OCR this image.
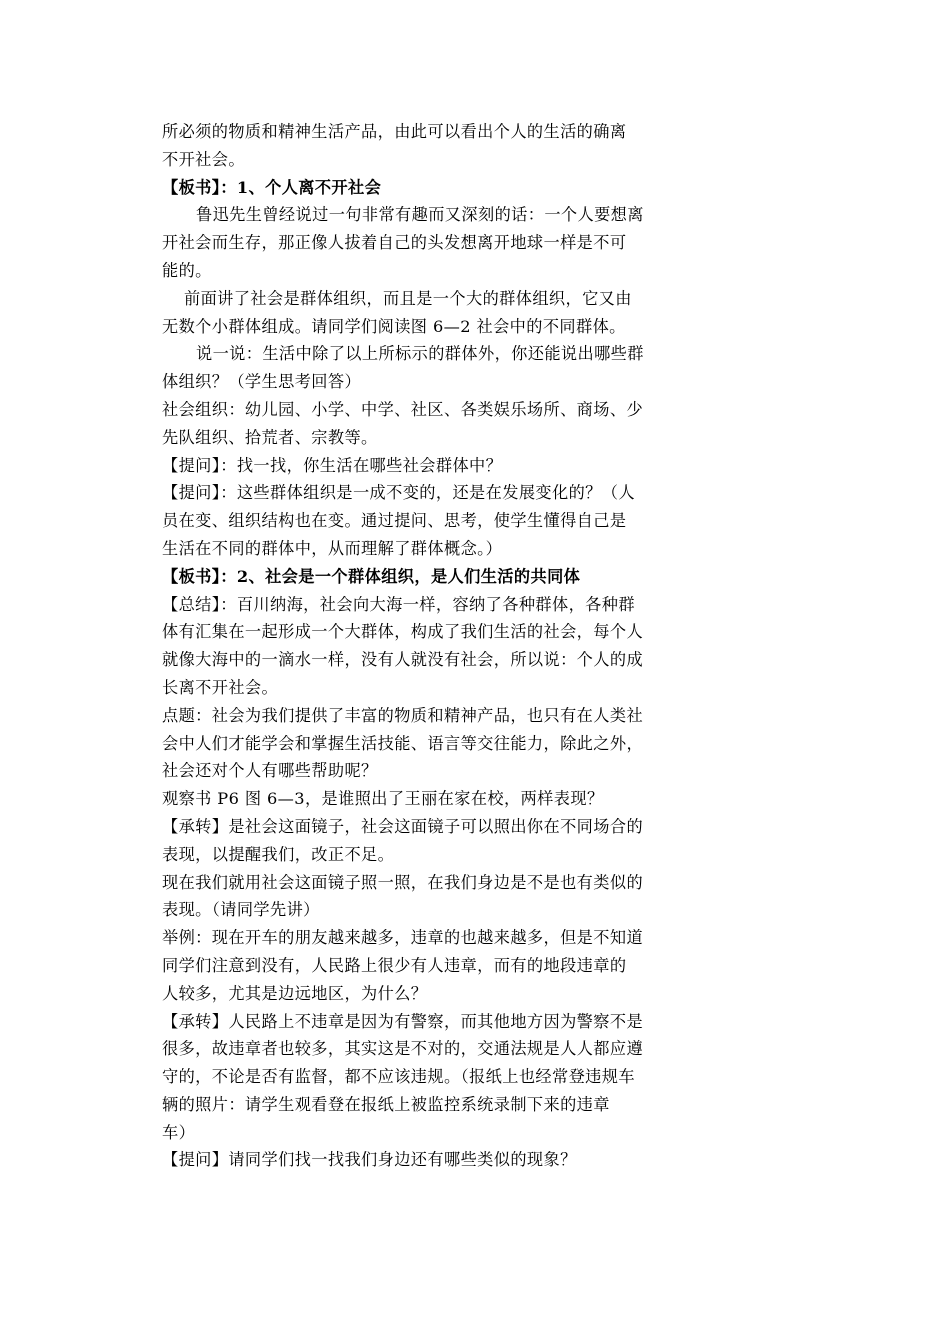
所必须的物质和精神生活产品，由此可以看出个人的生活的确离
不开社会。
【板书】：1、个人离不开社会
鲁迅先生曾经说过一句非常有趣而又深刻的话：一个人要想离
开社会而生存，那正像人拔着自己的头发想离开地球一样是不可
能的。
前面讲了社会是群体组织，而且是一个大的群体组织，它又由
无数个小群体组成。请同学们阅读图 6—2 社会中的不同群体。
说一说：生活中除了以上所标示的群体外，你还能说出哪些群
体组织？（学生思考回答）
社会组织：幼儿园、小学、中学、社区、各类娱乐场所、商场、少
先队组织、拾荒者、宗教等。
【提问】：找一找，你生活在哪些社会群体中？
【提问】：这些群体组织是一成不变的，还是在发展变化的？（人
员在变、组织结构也在变。通过提问、思考，使学生懂得自己是
生活在不同的群体中，从而理解了群体概念。）
【板书】：2、社会是一个群体组织，是人们生活的共同体
【总结】：百川纳海，社会向大海一样，容纳了各种群体，各种群
体有汇集在一起形成一个大群体，构成了我们生活的社会，每个人
就像大海中的一滴水一样，没有人就没有社会，所以说：个人的成
长离不开社会。
点题：社会为我们提供了丰富的物质和精神产品，也只有在人类社
会中人们才能学会和掌握生活技能、语言等交往能力，除此之外，
社会还对个人有哪些帮助呢？
观察书 P6 图 6—3，是谁照出了王丽在家在校，两样表现？
【承转】是社会这面镜子，社会这面镜子可以照出你在不同场合的
表现，以提醒我们，改正不足。
现在我们就用社会这面镜子照一照，在我们身边是不是也有类似的
表现。（请同学先讲）
举例：现在开车的朋友越来越多，违章的也越来越多，但是不知道
同学们注意到没有，人民路上很少有人违章，而有的地段违章的
人较多，尤其是边远地区，为什么？
【承转】人民路上不违章是因为有警察，而其他地方因为警察不是
很多，故违章者也较多，其实这是不对的，交通法规是人人都应遵
守的，不论是否有监督，都不应该违规。（报纸上也经常登违规车
辆的照片：请学生观看登在报纸上被监控系统录制下来的违章
车）
【提问】请同学们找一找我们身边还有哪些类似的现象？
